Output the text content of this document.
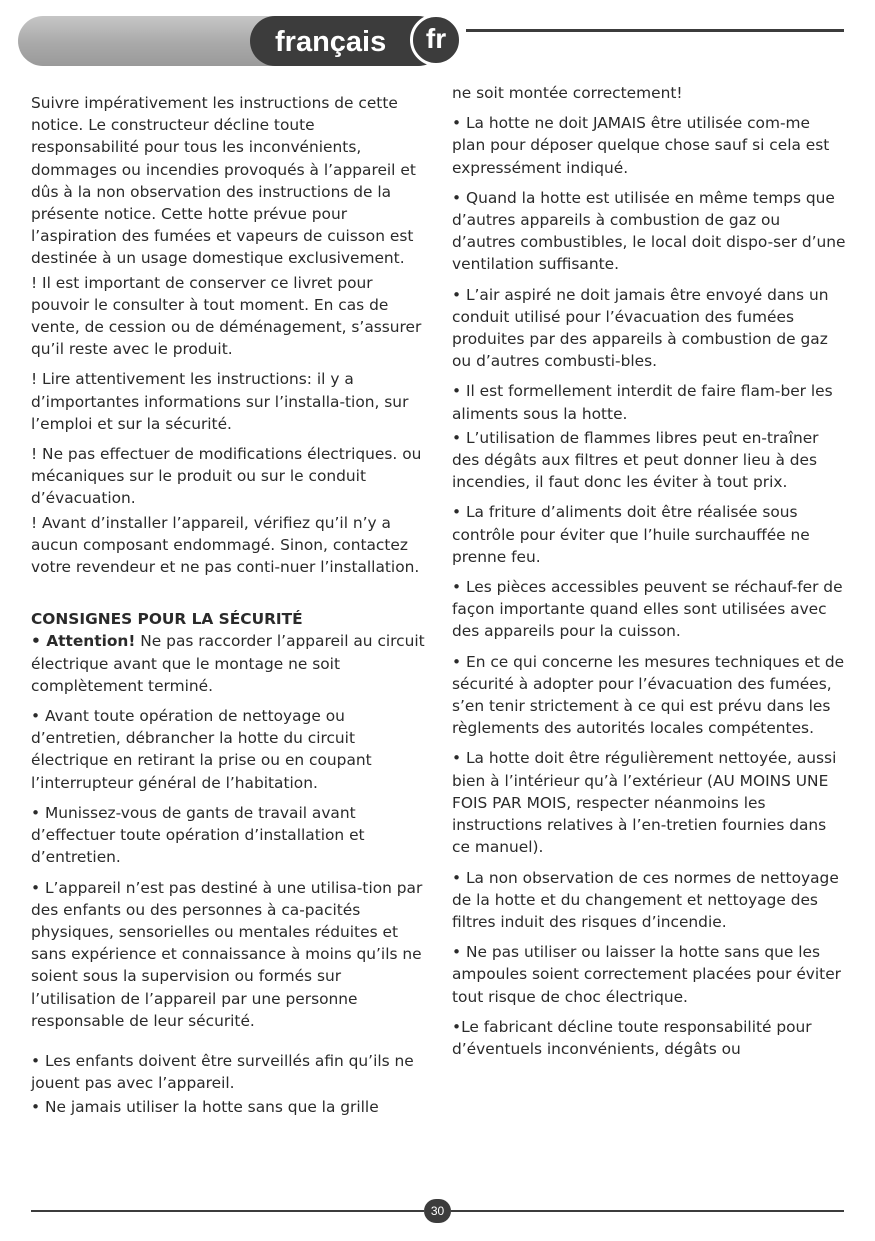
français	fr

Suivre impérativement les instructions de cette notice. Le constructeur décline toute responsabilité pour tous les inconvénients, dommages ou incendies provoqués à l’appareil et dûs à la non observation des instructions de la présente notice. Cette hotte prévue pour l’aspiration des fumées et vapeurs de cuisson est destinée à un usage domestique exclusivement.

! Il est important de conserver ce livret pour pouvoir le consulter à tout moment. En cas de vente, de cession ou de déménagement, s’assurer qu’il reste avec le produit.

! Lire attentivement les instructions: il y a d’importantes informations sur l’installa-tion, sur l’emploi et sur la sécurité.

! Ne pas effectuer de modifications électriques. ou mécaniques sur le produit ou sur le conduit d’évacuation.

! Avant d’installer l’appareil, vérifiez qu’il n’y a aucun composant endommagé. Sinon, contactez votre revendeur et ne pas conti-nuer l’installation.

CONSIGNES POUR LA SÉCURITÉ

• Attention! Ne pas raccorder l’appareil au circuit électrique avant que le montage ne soit complètement terminé.

• Avant toute opération de nettoyage ou d’entretien, débrancher la hotte du circuit électrique en retirant la prise ou en coupant l’interrupteur général de l’habitation.

• Munissez-vous de gants de travail avant d’effectuer toute opération d’installation et d’entretien.

• L’appareil n’est pas destiné à une utilisa-tion par des enfants ou des personnes à ca-pacités physiques, sensorielles ou mentales réduites et sans expérience et connaissance à moins qu’ils ne soient sous la supervision ou formés sur l’utilisation de l’appareil par une personne responsable de leur sécurité.

• Les enfants doivent être surveillés afin qu’ils ne jouent pas avec l’appareil.

• Ne jamais utiliser la hotte sans que la grille

ne soit montée correctement!

• La hotte ne doit JAMAIS être utilisée com-me plan pour déposer quelque chose sauf si cela est expressément indiqué.

• Quand la hotte est utilisée en même temps que d’autres appareils à combustion de gaz ou d’autres combustibles, le local doit dispo-ser d’une ventilation suffisante.

• L’air aspiré ne doit jamais être envoyé dans un conduit utilisé pour l’évacuation des fumées produites par des appareils à combustion de gaz ou d’autres combusti-bles.

• Il est formellement interdit de faire flam-ber les aliments sous la hotte.

• L’utilisation de flammes libres peut en-traîner des dégâts aux filtres et peut donner lieu à des incendies, il faut donc les éviter à tout prix.

• La friture d’aliments doit être réalisée sous contrôle pour éviter que l’huile surchauffée ne prenne feu.

• Les pièces accessibles peuvent se réchauf-fer de façon importante quand elles sont utilisées avec des appareils pour la cuisson.

• En ce qui concerne les mesures techniques et de sécurité à adopter pour l’évacuation des fumées, s’en tenir strictement à ce qui est prévu dans les règlements des autorités locales compétentes.

• La hotte doit être régulièrement nettoyée, aussi bien à l’intérieur qu’à l’extérieur (AU MOINS UNE FOIS PAR MOIS, respecter néanmoins les instructions relatives à l’en-tretien fournies dans ce manuel).

• La non observation de ces normes de nettoyage de la hotte et du changement et nettoyage des filtres induit des risques d’incendie.

• Ne pas utiliser ou laisser la hotte sans que les ampoules soient correctement placées pour éviter tout risque de choc électrique.

•Le fabricant décline toute responsabilité pour d’éventuels inconvénients, dégâts ou

30
